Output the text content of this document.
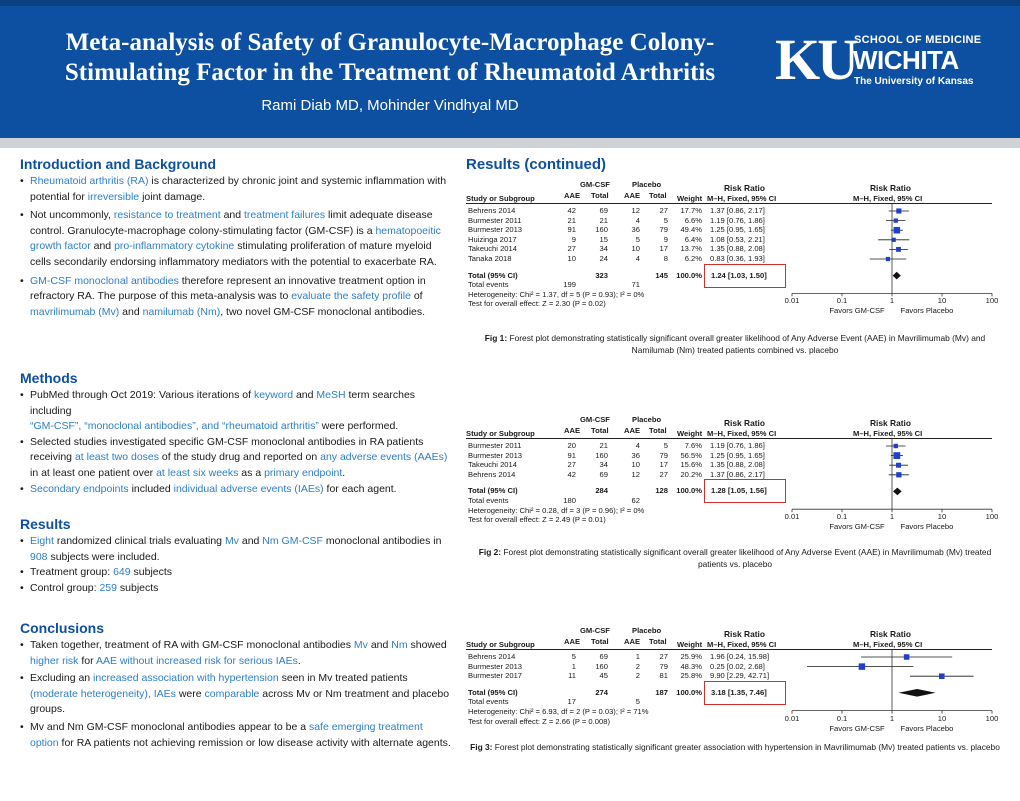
Meta-analysis of Safety of Granulocyte-Macrophage Colony-Stimulating Factor in the Treatment of Rheumatoid Arthritis
Rami Diab MD, Mohinder Vindhyal MD
KU
SCHOOL OF MEDICINE
WICHITA
The University of Kansas
Introduction and Background
• Rheumatoid arthritis (RA) is characterized by chronic joint and systemic inflammation with potential for irreversible joint damage.
• Not uncommonly, resistance to treatment and treatment failures limit adequate disease control. Granulocyte-macrophage colony-stimulating factor (GM-CSF) is a hematopoeitic growth factor and pro-inflammatory cytokine stimulating proliferation of mature myeloid cells secondarily endorsing inflammatory mediators with the potential to exacerbate RA.
• GM-CSF monoclonal antibodies therefore represent an innovative treatment option in refractory RA. The purpose of this meta-analysis was to evaluate the safety profile of mavrilimumab (Mv) and namilumab (Nm), two novel GM-CSF monoclonal antibodies.
Methods
• PubMed through Oct 2019: Various iterations of keyword and MeSH term searches including
“GM-CSF”, “monoclonal antibodies”, and “rheumatoid arthritis” were performed.
• Selected studies investigated specific GM-CSF monoclonal antibodies in RA patients receiving at least two doses of the study drug and reported on any adverse events (AAEs) in at least one patient over at least six weeks as a primary endpoint.
• Secondary endpoints included individual adverse events (IAEs) for each agent.
Results
• Eight randomized clinical trials evaluating Mv and Nm GM-CSF monoclonal antibodies in 908 subjects were included.
• Treatment group: 649 subjects
• Control group: 259 subjects
Conclusions
• Taken together, treatment of RA with GM-CSF monoclonal antibodies Mv and Nm showed higher risk for AAE without increased risk for serious IAEs.
• Excluding an increased association with hypertension seen in Mv treated patients (moderate heterogeneity), IAEs were comparable across Mv or Nm treatment and placebo groups.
• Mv and Nm GM-CSF monoclonal antibodies appear to be a safe emerging treatment option for RA patients not achieving remission or low disease activity with alternate agents.
Results (continued)
GM-CSF	Placebo	Risk Ratio	Risk Ratio
AAE Total AAE Total
Study or Subgroup	Weight M–H, Fixed, 95% CI	M–H, Fixed, 95% CI
Behrens 2014	42	69	12	27 17.7% 1.37 [0.86, 2.17]
Burmester 2011	21	21	4	5 6.6% 1.19 [0.76, 1.86]
Burmester 2013	91	160	36	79 49.4% 1.25 [0.95, 1.65]
Huizinga 2017	9	15	5	9 6.4% 1.08 [0.53, 2.21]
Takeuchi 2014	27	34	10	17 13.7% 1.35 [0.88, 2.08]
Tanaka 2018	10	24	4	8 6.2% 0.83 [0.36, 1.93]
Total (95% CI)	323	145 100.0% 1.24 [1.03, 1.50]
Total events	199	71
Heterogeneity: Chi² = 1.37, df = 5 (P = 0.93); I² = 0%
Test for overall effect: Z = 2.30 (P = 0.02)	0.01	0.1	1	10	100
Favors GM-CSF Favors Placebo
Fig 1: Forest plot demonstrating statistically significant overall greater likelihood of Any Adverse Event (AAE) in Mavrilimumab (Mv) and Namilumab (Nm) treated patients combined vs. placebo
GM-CSF	Placebo	Risk Ratio	Risk Ratio
AAE Total AAE Total
Study or Subgroup	Weight M–H, Fixed, 95% CI	M–H, Fixed, 95% CI
Burmester 2011	20	21	4	5 7.6% 1.19 [0.76, 1.86]
Burmester 2013	91	160	36	79 56.5% 1.25 [0.95, 1.65]
Takeuchi 2014	27	34	10	17 15.6% 1.35 [0.88, 2.08]
Behrens 2014	42	69	12	27 20.2% 1.37 [0.86, 2.17]
Total (95% CI)	284	128 100.0% 1.28 [1.05, 1.56]
Total events	180	62
Heterogeneity: Chi² = 0.28, df = 3 (P = 0.96); I² = 0%
Test for overall effect: Z = 2.49 (P = 0.01)	0.01	0.1	1	10	100
Favors GM-CSF Favors Placebo
Fig 2: Forest plot demonstrating statistically significant overall greater likelihood of Any Adverse Event (AAE) in Mavrilimumab (Mv) treated patients vs. placebo
GM-CSF	Placebo	Risk Ratio	Risk Ratio
AAE Total AAE Total
Study or Subgroup	Weight M–H, Fixed, 95% CI	M–H, Fixed, 95% CI
Behrens 2014	5	69	1	27 25.9% 1.96 [0.24, 15.98]
Burmester 2013	1	160	2	79 48.3% 0.25 [0.02, 2.68]
Burmester 2017	11	45	2	81 25.8% 9.90 [2.29, 42.71]
Total (95% CI)	274	187 100.0% 3.18 [1.35, 7.46]
Total events	17	5
Heterogeneity: Chi² = 6.93, df = 2 (P = 0.03); I² = 71%
Test for overall effect: Z = 2.66 (P = 0.008)	0.01	0.1	1	10	100
Favors GM-CSF Favors Placebo
Fig 3: Forest plot demonstrating statistically significant greater association with hypertension in Mavrilimumab (Mv) treated patients vs. placebo
